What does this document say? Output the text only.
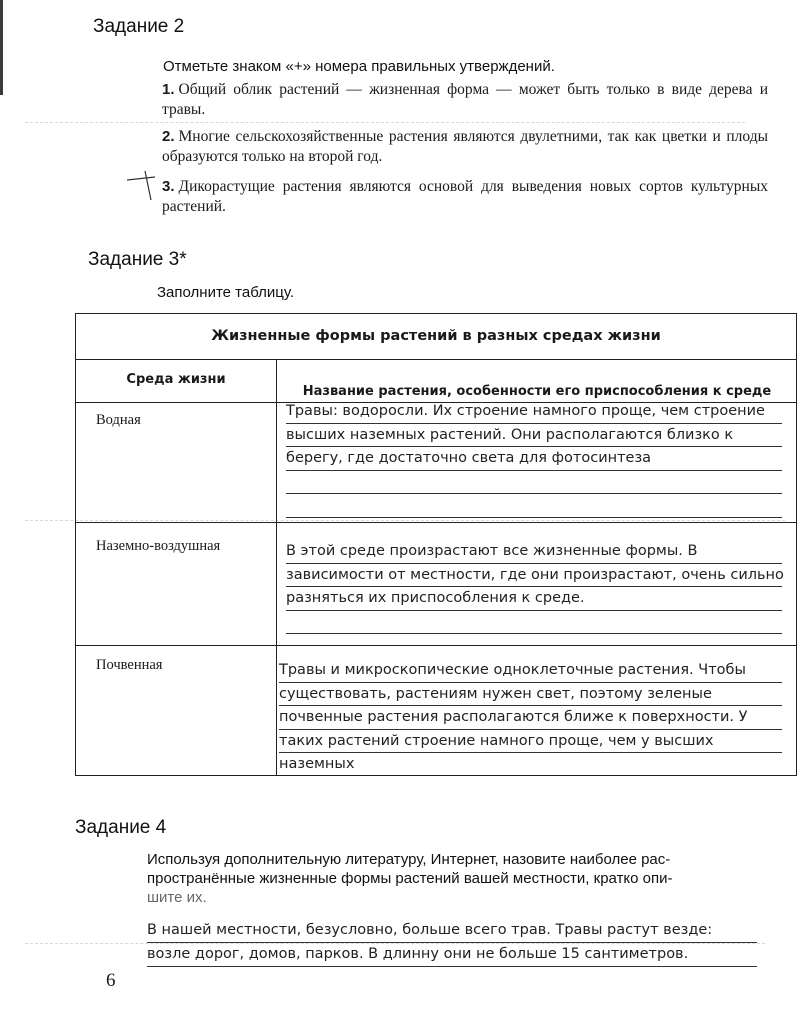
Задание 2
Отметьте знаком «+» номера правильных утверждений.
1. Общий облик растений — жизненная форма — может быть только в виде дерева и травы.
2. Многие сельскохозяйственные растения являются двулетними, так как цветки и плоды образуются только на второй год.
3. Дикорастущие растения являются основой для выведения новых сортов культурных растений.
Задание 3*
Заполните таблицу.
Жизненные формы растений в разных средах жизни
Среда жизни
Название растения, особенности его приспособления к среде
Водная
Травы: водоросли. Их строение намного проще, чем строение
высших наземных растений. Они располагаются близко к
берегу, где достаточно света для фотосинтеза
Наземно-воздушная	В этой среде произрастают все жизненные формы. В
зависимости от местности, где они произрастают, очень сильно
разняться их приспособления к среде.
Почвенная	Травы и микроскопические одноклеточные растения. Чтобы
существовать, растениям нужен свет, поэтому зеленые
почвенные растения располагаются ближе к поверхности. У
таких растений строение намного проще, чем у высших
наземных
Задание 4
Используя дополнительную литературу, Интернет, назовите наиболее рас-
пространённые жизненные формы растений вашей местности, кратко опи-
шите их.
В нашей местности, безусловно, больше всего трав. Травы растут везде:
возле дорог, домов, парков. В длинну они не больше 15 сантиметров.
6
